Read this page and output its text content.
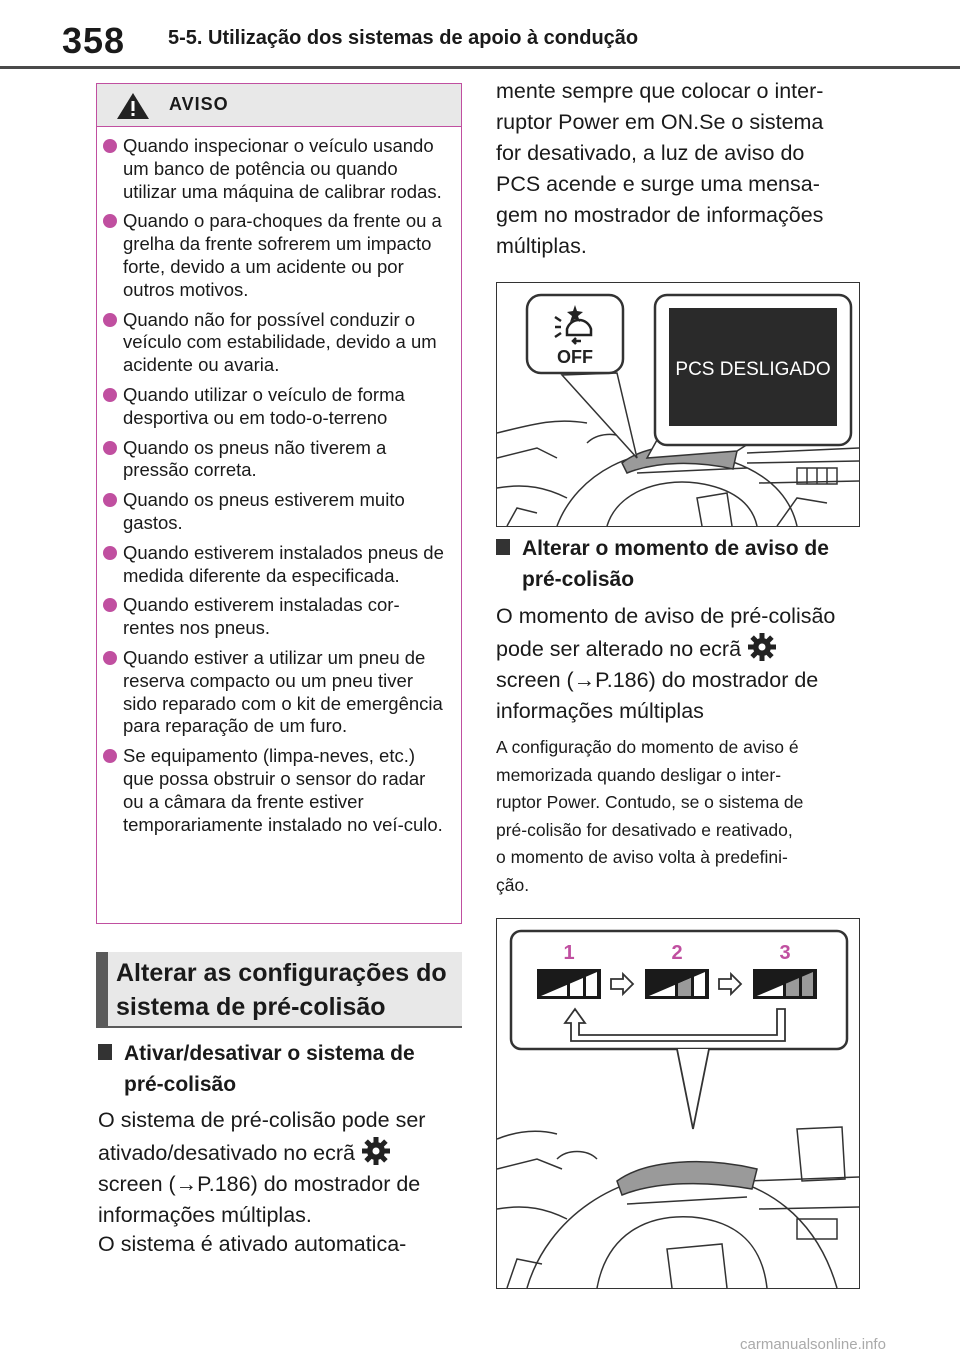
358 5-5. Utilização dos sistemas de apoio à condução
AVISO
Quando inspecionar o veículo usando um banco de potência ou quando utilizar uma máquina de calibrar rodas.
Quando o para-choques da frente ou a grelha da frente sofrerem um impacto forte, devido a um acidente ou por outros motivos.
Quando não for possível conduzir o veículo com estabilidade, devido a um acidente ou avaria.
Quando utilizar o veículo de forma desportiva ou em todo-o-terreno
Quando os pneus não tiverem a pressão correta.
Quando os pneus estiverem muito gastos.
Quando estiverem instalados pneus de medida diferente da especificada.
Quando estiverem instaladas cor-rentes nos pneus.
Quando estiver a utilizar um pneu de reserva compacto ou um pneu tiver sido reparado com o kit de emergência para reparação de um furo.
Se equipamento (limpa-neves, etc.) que possa obstruir o sensor do radar ou a câmara da frente estiver temporariamente instalado no veí-culo.
Alterar as configurações do
sistema de pré-colisão
Ativar/desativar o sistema de
pré-colisão
O sistema de pré-colisão pode ser
ativado/desativado no ecrã
screen (→P.186) do mostrador de
informações múltiplas.
O sistema é ativado automatica-
mente sempre que colocar o inter-
ruptor Power em ON.Se o sistema
for desativado, a luz de aviso do
PCS acende e surge uma mensa-
gem no mostrador de informações
múltiplas.
OFF
PCS DESLIGADO
Alterar o momento de aviso de
pré-colisão
O momento de aviso de pré-colisão
pode ser alterado no ecrã
screen (→P.186) do mostrador de
informações múltiplas
A configuração do momento de aviso é
memorizada quando desligar o inter-
ruptor Power. Contudo, se o sistema de
pré-colisão for desativado e reativado,
o momento de aviso volta à predefini-
ção.
1	2	3
carmanualsonline.info
